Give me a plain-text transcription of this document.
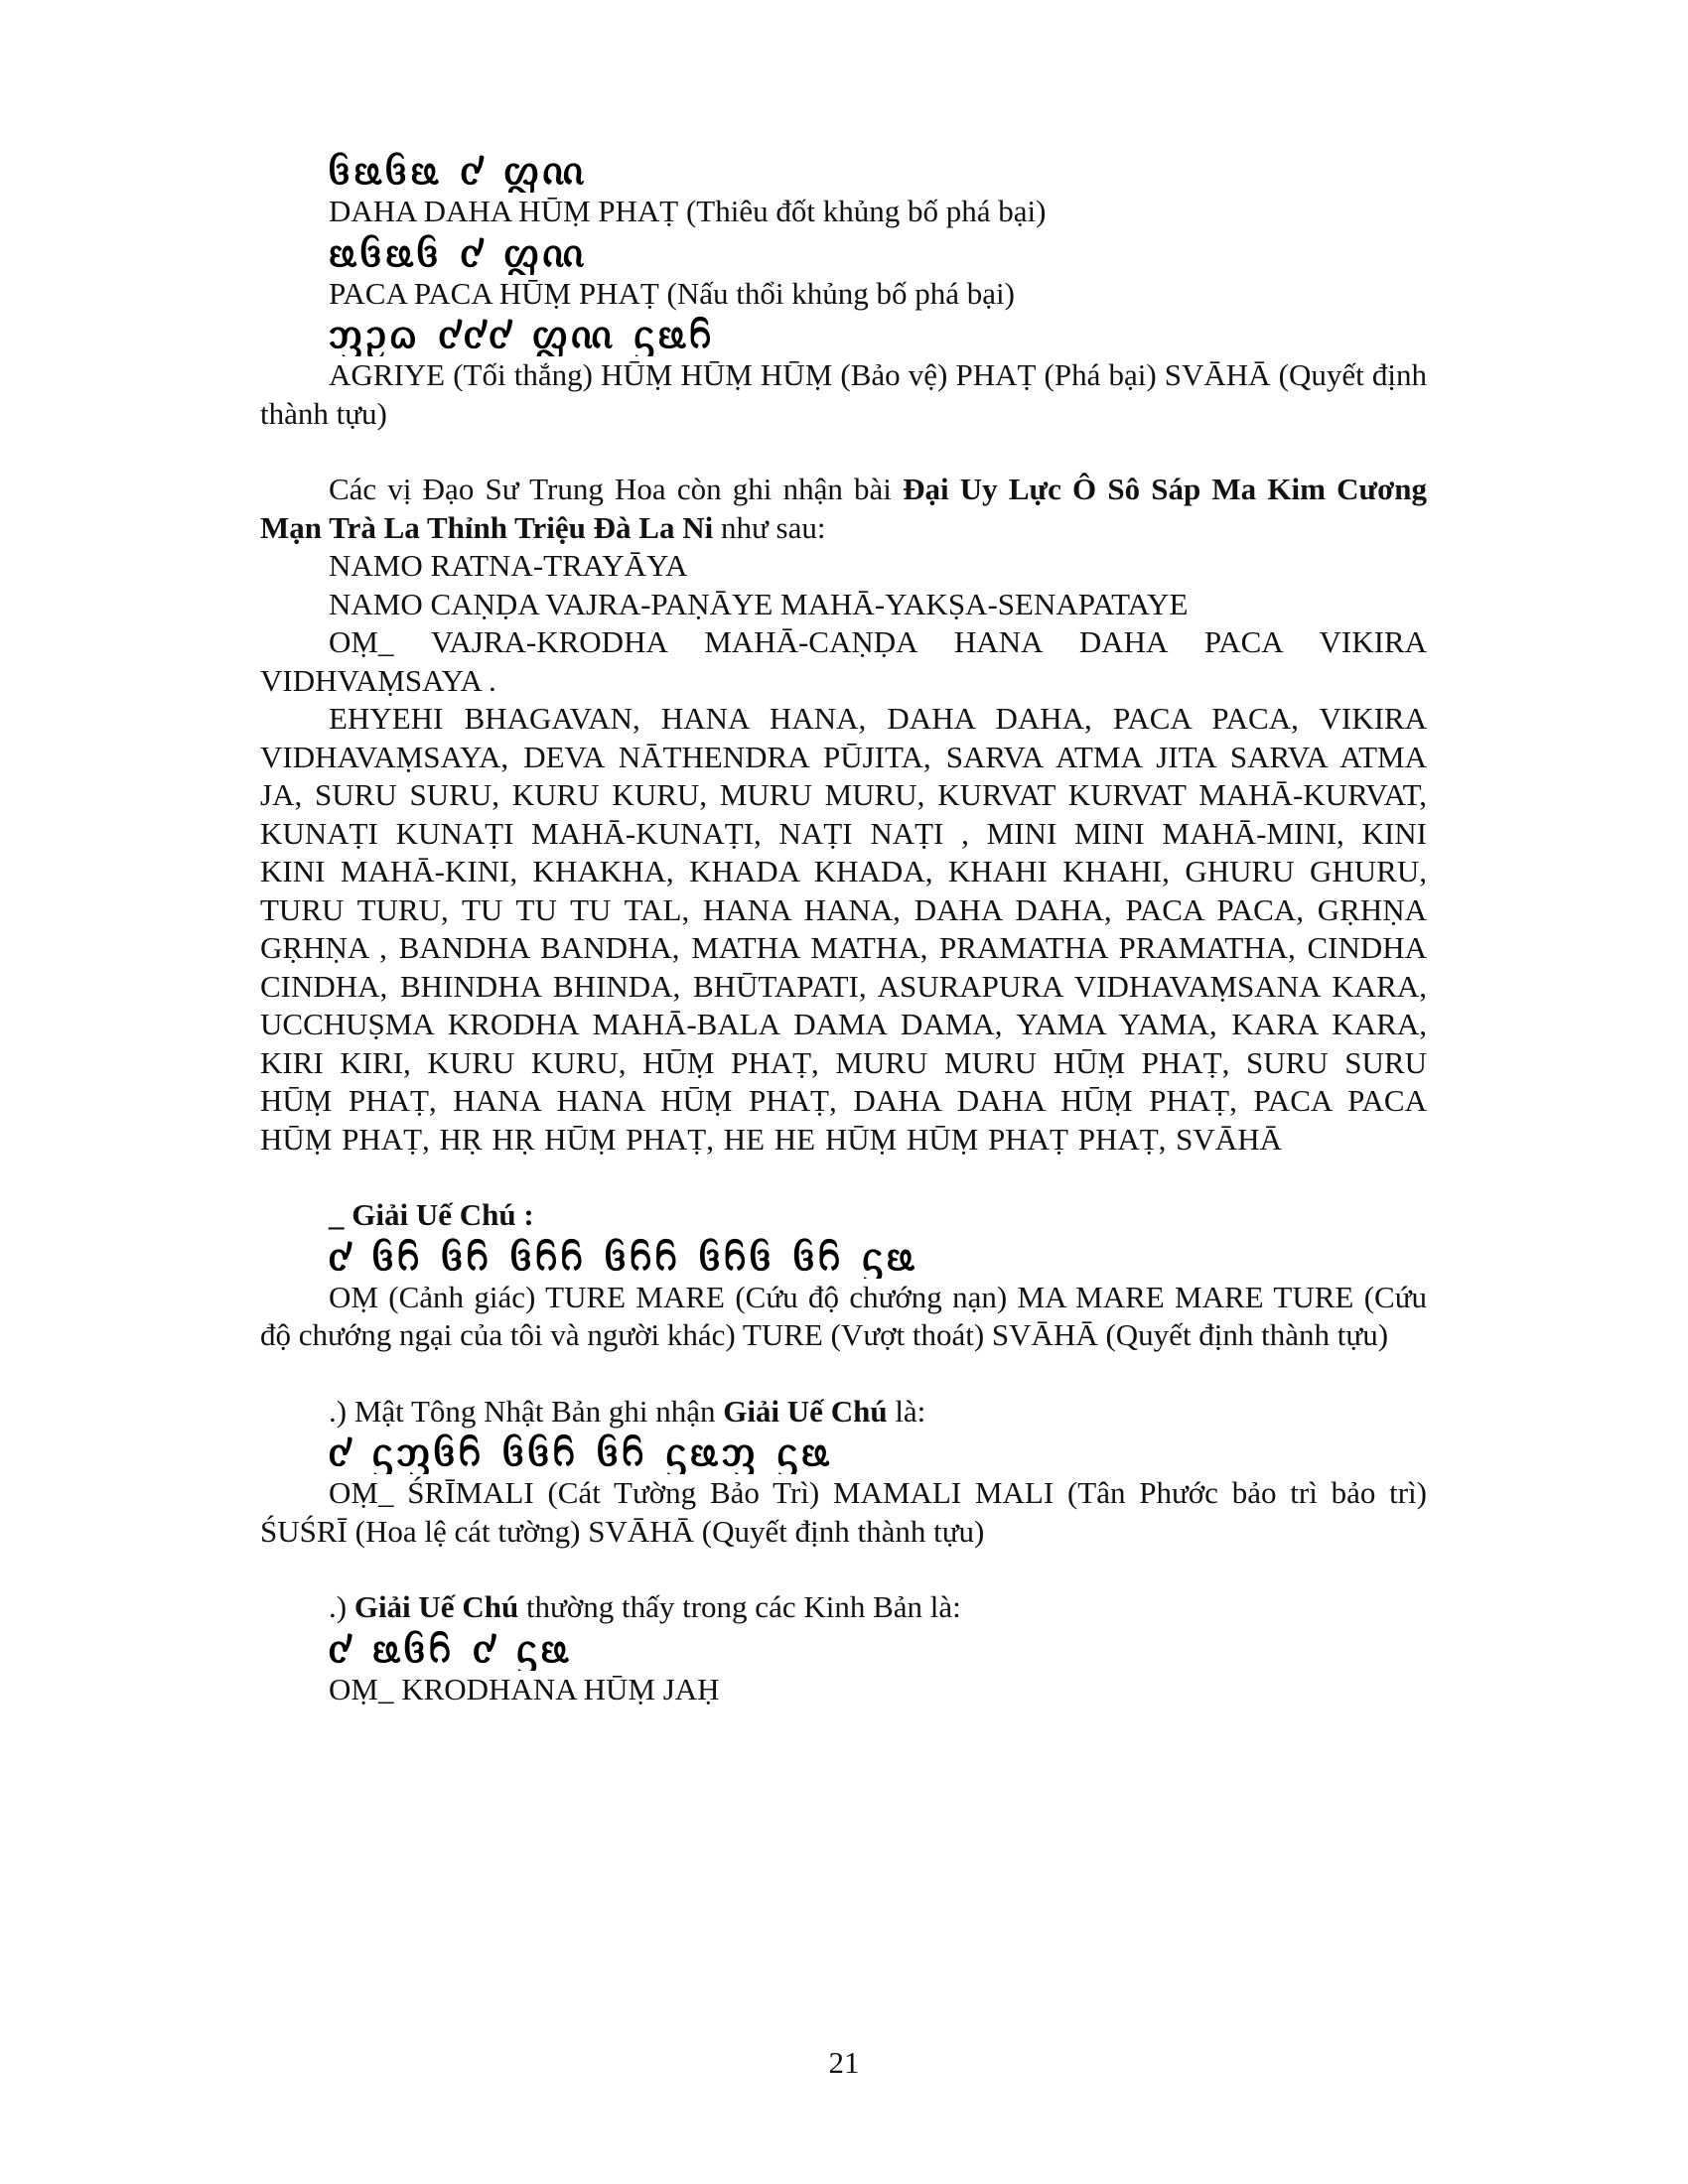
ᦑᦕᦑᦕ ᧚ ᦜᦶ

DAHA DAHA HŪṂ PHAṬ (Thiêu đốt khủng bố phá bại)

ᦕᦑᦕᦑ ᧚ ᦜᦶ

PACA PACA HŪṂ PHAṬ (Nấu thổi khủng bố phá bại)

ᦀᦳᦒ ᧚᧚᧚ ᦜᦶ ᦓᦕᦆ

AGRIYE (Tối thắng) HŪṂ HŪṂ HŪṂ (Bảo vệ) PHAṬ (Phá bại) SVĀHĀ (Quyết định thành tựu)

Các vị Đạo Sư Trung Hoa còn ghi nhận bài Đại Uy Lực Ô Sô Sáp Ma Kim Cương Mạn Trà La Thỉnh Triệu Đà La Ni như sau:

NAMO RATNA-TRAYĀYA

NAMO CAṆḌA VAJRA-PAṆĀYE MAHĀ-YAKṢA-SENAPATAYE

OṂ_ VAJRA-KRODHA MAHĀ-CAṆḌA HANA DAHA PACA VIKIRA VIDHVAṂSAYA .

EHYEHI BHAGAVAN, HANA HANA, DAHA DAHA, PACA PACA, VIKIRA VIDHAVAṂSAYA, DEVA NĀTHENDRA PŪJITA, SARVA ATMA JITA SARVA ATMA JA, SURU SURU, KURU KURU, MURU MURU, KURVAT KURVAT MAHĀ-KURVAT, KUNAṬI KUNAṬI MAHĀ-KUNAṬI, NAṬI NAṬI , MINI MINI MAHĀ-MINI, KINI KINI MAHĀ-KINI, KHAKHA, KHADA KHADA, KHAHI KHAHI, GHURU GHURU, TURU TURU, TU TU TU TAL, HANA HANA, DAHA DAHA, PACA PACA, GṚHṆA GṚHṆA , BANDHA BANDHA, MATHA MATHA, PRAMATHA PRAMATHA, CINDHA CINDHA, BHINDHA BHINDA, BHŪTAPATI, ASURAPURA VIDHAVAṂSANA KARA, UCCHUṢMA KRODHA MAHĀ-BALA DAMA DAMA, YAMA YAMA, KARA KARA, KIRI KIRI, KURU KURU, HŪṂ PHAṬ, MURU MURU HŪṂ PHAṬ, SURU SURU HŪṂ PHAṬ, HANA HANA HŪṂ PHAṬ, DAHA DAHA HŪṂ PHAṬ, PACA PACA HŪṂ PHAṬ, HṚ HṚ HŪṂ PHAṬ, HE HE HŪṂ HŪṂ PHAṬ PHAṬ, SVĀHĀ

_ Giải Uế Chú :

᧚ ᦑᦆ ᦑᦆ ᦑᦆᦆ ᦑᦆᦆ ᦑᦆᦑ ᦑᦆ ᦓᦕ

OṂ (Cảnh giác) TURE MARE (Cứu độ chướng nạn) MA MARE MARE TURE (Cứu độ chướng ngại của tôi và người khác) TURE (Vượt thoát) SVĀHĀ (Quyết định thành tựu)

.) Mật Tông Nhật Bản ghi nhận Giải Uế Chú là:

᧚ ᦓᦀᦑᦆ ᦑᦑᦆ ᦑᦆ ᦓᦕᦀ ᦓᦕ

OṂ_ ŚRĪMALI (Cát Tường Bảo Trì) MAMALI MALI (Tân Phước bảo trì bảo trì) ŚUŚRĪ (Hoa lệ cát tường) SVĀHĀ (Quyết định thành tựu)

.) Giải Uế Chú thường thấy trong các Kinh Bản là:

᧚ ᦕᦑᦆ ᧚ ᦓᦕ

OṂ_ KRODHANA HŪṂ JAḤ

21
